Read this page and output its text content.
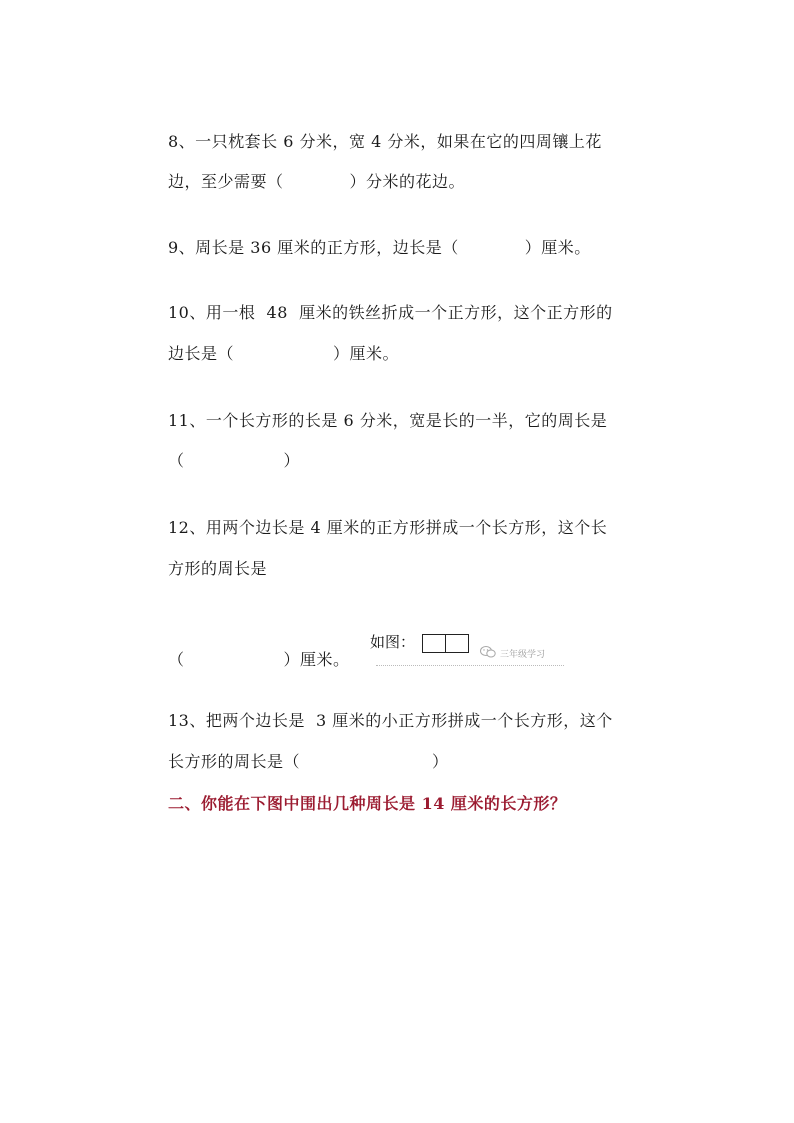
8、一只枕套长 6 分米，宽 4 分米，如果在它的四周镶上花
边，至少需要（　　　　）分米的花边。
9、周长是 36 厘米的正方形，边长是（　　　　）厘米。
10、用一根  48  厘米的铁丝折成一个正方形，这个正方形的
边长是（　　　　　　）厘米。
11、一个长方形的长是 6 分米，宽是长的一半，它的周长是
（　　　　　　）
12、用两个边长是 4 厘米的正方形拼成一个长方形，这个长
方形的周长是
（　　　　　　）厘米。
如图：
三年级学习
13、把两个边长是  3 厘米的小正方形拼成一个长方形，这个
长方形的周长是（　　　　　　　　）
二、你能在下图中围出几种周长是 14 厘米的长方形？
